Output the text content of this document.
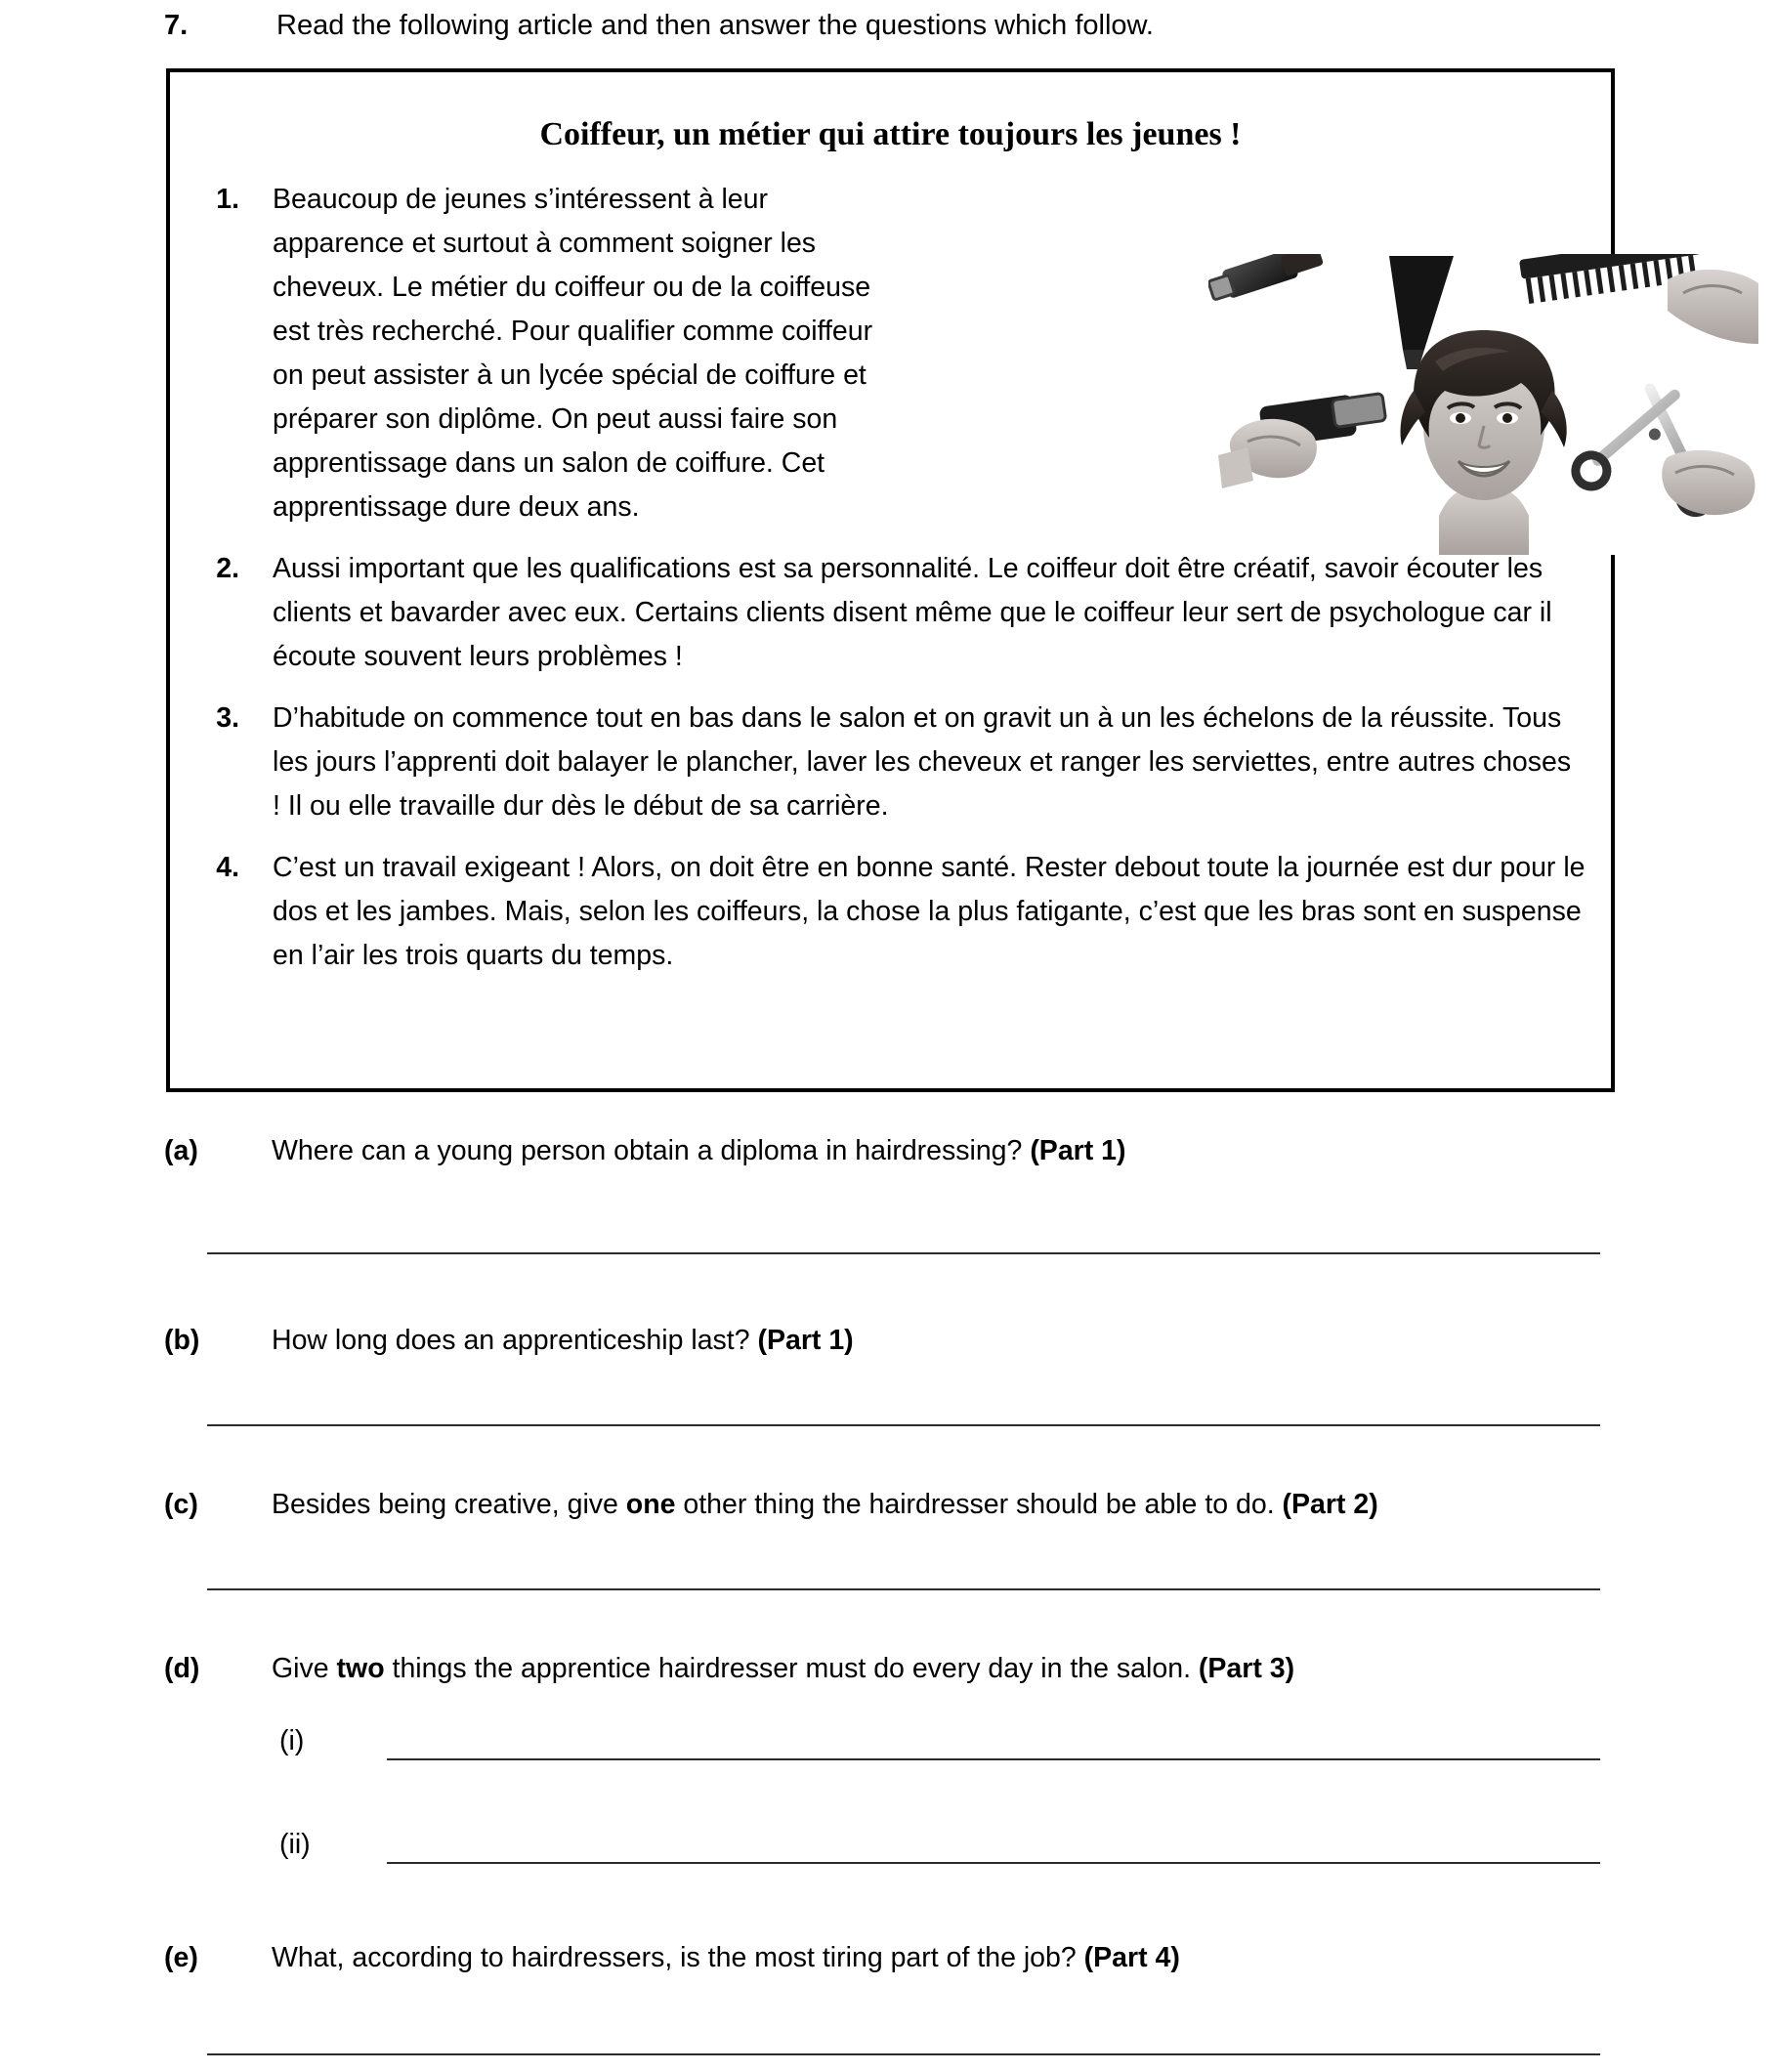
7.	Read the following article and then answer the questions which follow.
Coiffeur, un métier qui attire toujours les jeunes !
1.	Beaucoup de jeunes s’intéressent à leur apparence et surtout à comment soigner les cheveux. Le métier du coiffeur ou de la coiffeuse est très recherché. Pour qualifier comme coiffeur on peut assister à un lycée spécial de coiffure et préparer son diplôme. On peut aussi faire son apprentissage dans un salon de coiffure. Cet apprentissage dure deux ans.
2.	Aussi important que les qualifications est sa personnalité. Le coiffeur doit être créatif, savoir écouter les clients et bavarder avec eux. Certains clients disent même que le coiffeur leur sert de psychologue car il écoute souvent leurs problèmes !
3.	D’habitude on commence tout en bas dans le salon et on gravit un à un les échelons de la réussite. Tous les jours l’apprenti doit balayer le plancher, laver les cheveux et ranger les serviettes, entre autres choses ! Il ou elle travaille dur dès le début de sa carrière.
4.	C’est un travail exigeant ! Alors, on doit être en bonne santé. Rester debout toute la journée est dur pour le dos et les jambes. Mais, selon les coiffeurs, la chose la plus fatigante, c’est que les bras sont en suspense en l’air les trois quarts du temps.
(a)	Where can a young person obtain a diploma in hairdressing? (Part 1)
(b)	How long does an apprenticeship last? (Part 1)
(c)	Besides being creative, give one other thing the hairdresser should be able to do. (Part 2)
(d)	Give two things the apprentice hairdresser must do every day in the salon. (Part 3)
(i)
(ii)
(e)	What, according to hairdressers, is the most tiring part of the job? (Part 4)
